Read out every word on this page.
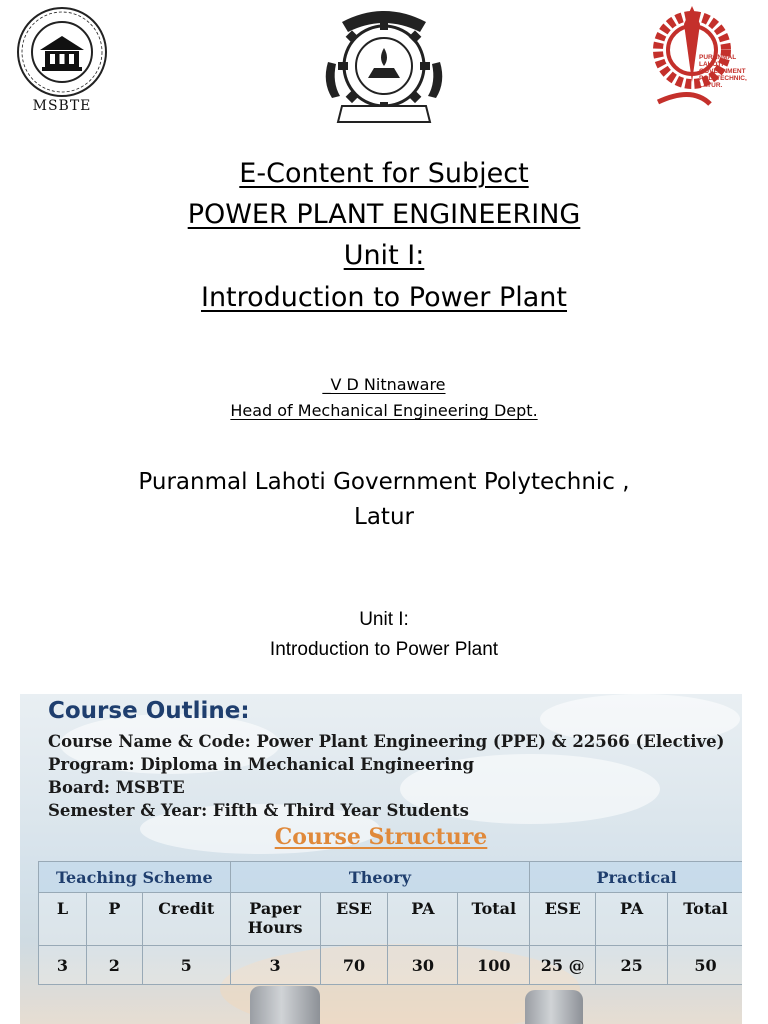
MSBTE
PURANMAL
LAHOTI
GOVERNMENT
POLYTECHNIC,
LATUR.
E-Content for Subject
POWER PLANT ENGINEERING
Unit I:
Introduction to Power Plant
_V D Nitnaware
Head of Mechanical Engineering Dept.
Puranmal Lahoti Government Polytechnic ,
Latur
Unit I:
Introduction to Power Plant
Course Outline:
Course Name & Code: Power Plant Engineering (PPE) & 22566 (Elective)
Program: Diploma in Mechanical Engineering
Board: MSBTE
Semester & Year: Fifth & Third Year Students
Course Structure
Teaching Scheme			Theory				Practical		
L	P	Credit	Paper Hours	ESE	PA	Total	ESE	PA	Total
3	2	5	3	70	30	100	25 @	25	50
